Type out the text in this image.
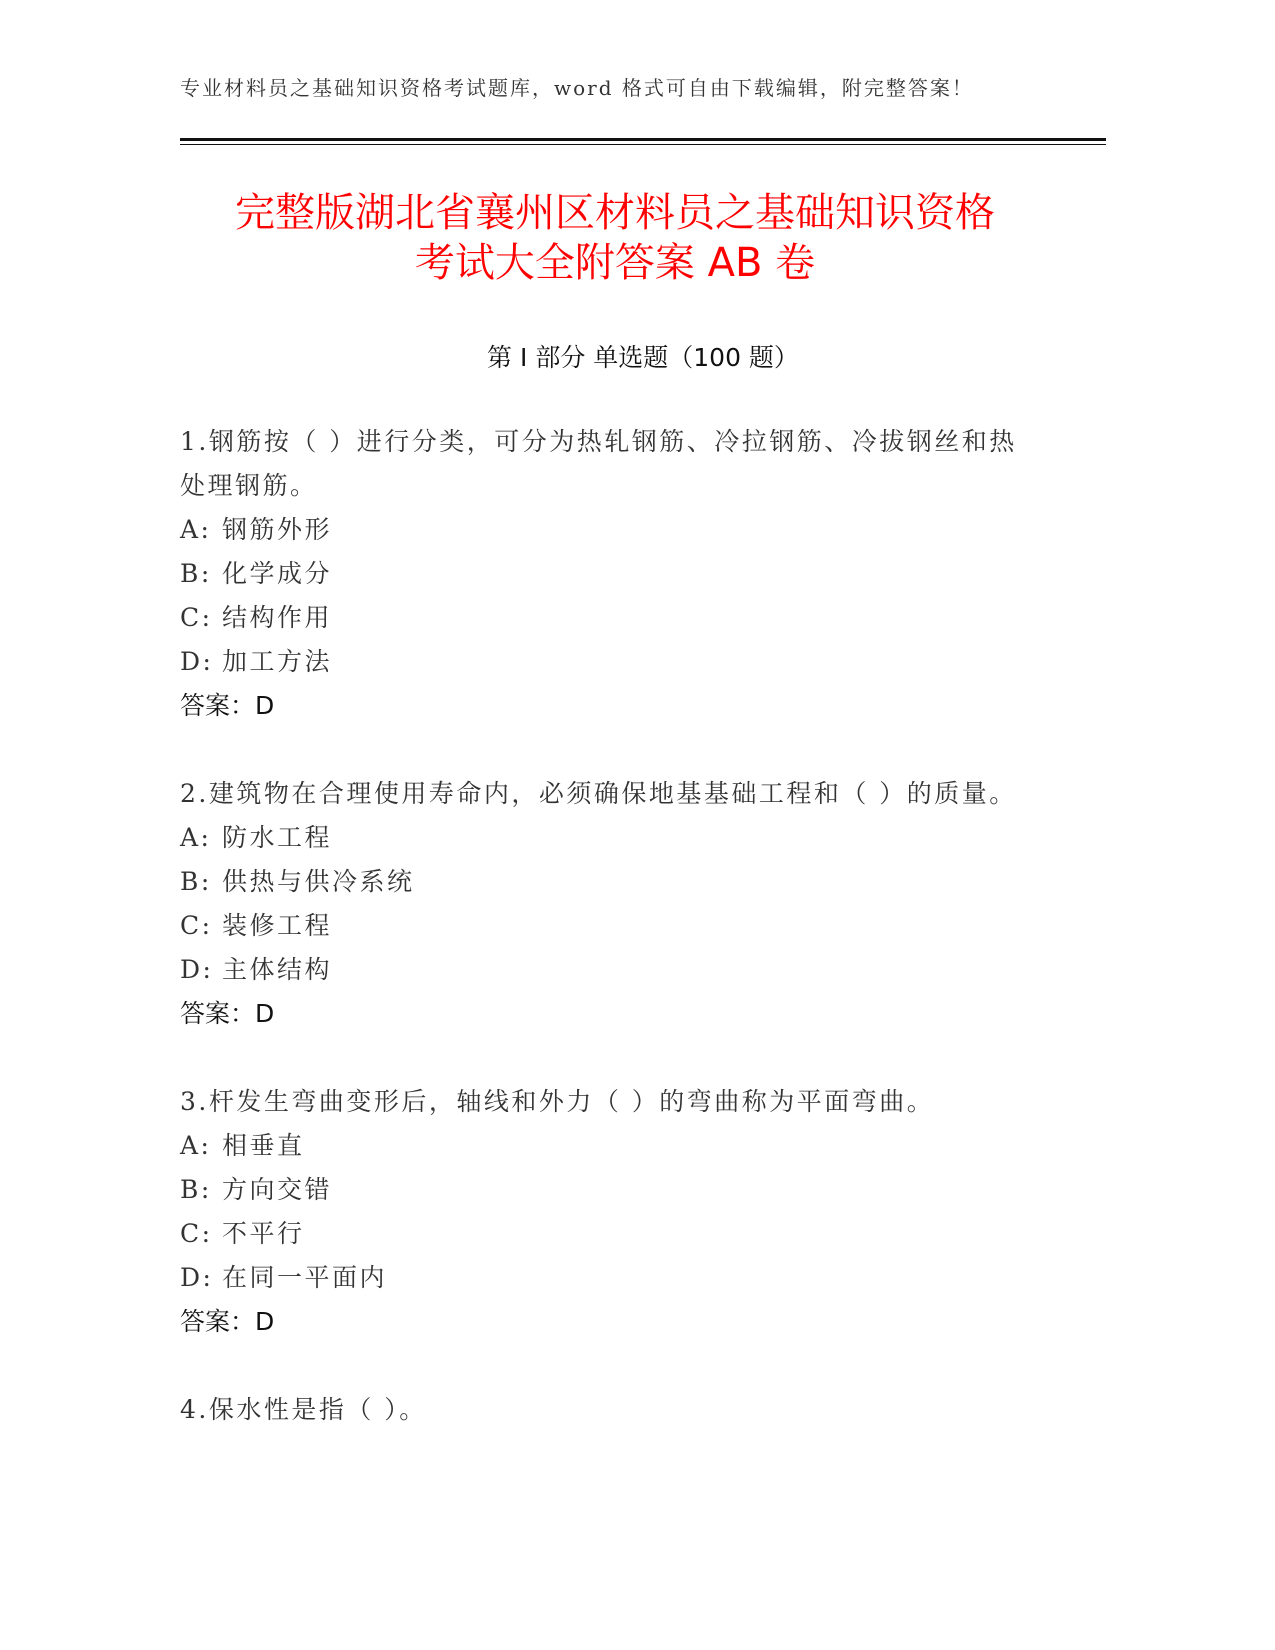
专业材料员之基础知识资格考试题库，word 格式可自由下载编辑，附完整答案！
完整版湖北省襄州区材料员之基础知识资格
考试大全附答案 AB 卷
第 I 部分 单选题（100 题）
1.钢筋按（ ）进行分类，可分为热轧钢筋、冷拉钢筋、冷拔钢丝和热处理钢筋。
A: 钢筋外形
B: 化学成分
C: 结构作用
D: 加工方法
答案：D
2.建筑物在合理使用寿命内，必须确保地基基础工程和（ ）的质量。
A: 防水工程
B: 供热与供冷系统
C: 装修工程
D: 主体结构
答案：D
3.杆发生弯曲变形后，轴线和外力（ ）的弯曲称为平面弯曲。
A: 相垂直
B: 方向交错
C: 不平行
D: 在同一平面内
答案：D
4.保水性是指（ ）。
